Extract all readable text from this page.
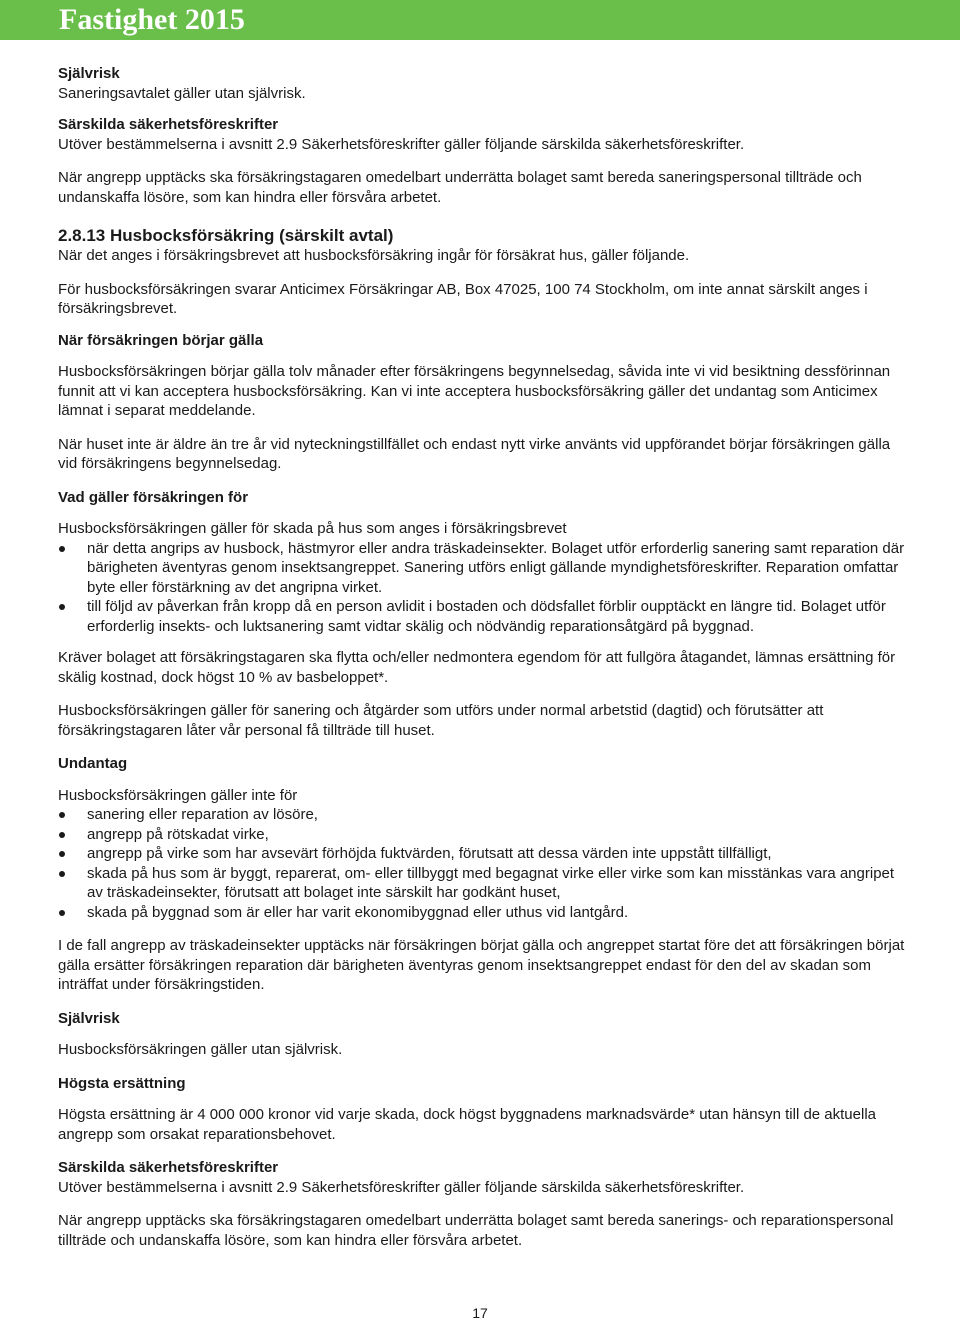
Fastighet 2015

Självrisk

Saneringsavtalet gäller utan självrisk.

Särskilda säkerhetsföreskrifter

Utöver bestämmelserna i avsnitt 2.9 Säkerhetsföreskrifter gäller följande särskilda säkerhetsföreskrifter.

När angrepp upptäcks ska försäkringstagaren omedelbart underrätta bolaget samt bereda saneringspersonal tillträde och undanskaffa lösöre, som kan hindra eller försvåra arbetet.

2.8.13 Husbocksförsäkring (särskilt avtal)

När det anges i försäkringsbrevet att husbocksförsäkring ingår för försäkrat hus, gäller följande.

För husbocksförsäkringen svarar Anticimex Försäkringar AB, Box 47025, 100 74 Stockholm, om inte annat särskilt anges i försäkringsbrevet.

När försäkringen börjar gälla

Husbocksförsäkringen börjar gälla tolv månader efter försäkringens begynnelsedag, såvida inte vi vid besiktning dessförinnan funnit att vi kan acceptera husbocksförsäkring. Kan vi inte acceptera husbocksförsäkring gäller det undantag som Anticimex lämnat i separat meddelande.

När huset inte är äldre än tre år vid nyteckningstillfället och endast nytt virke använts vid uppförandet börjar försäkringen gälla vid försäkringens begynnelsedag.

Vad gäller försäkringen för

Husbocksförsäkringen gäller för skada på hus som anges i försäkringsbrevet

när detta angrips av husbock, hästmyror eller andra träskadeinsekter. Bolaget utför erforderlig sanering samt reparation där bärigheten äventyras genom insektsangreppet. Sanering utförs enligt gällande myndighetsföreskrifter. Reparation omfattar byte eller förstärkning av det angripna virket.
till följd av påverkan från kropp då en person avlidit i bostaden och dödsfallet förblir oupptäckt en längre tid. Bolaget utför erforderlig insekts- och luktsanering samt vidtar skälig och nödvändig reparationsåtgärd på byggnad.

Kräver bolaget att försäkringstagaren ska flytta och/eller nedmontera egendom för att fullgöra åtagandet, lämnas ersättning för skälig kostnad, dock högst 10 % av basbeloppet*.

Husbocksförsäkringen gäller för sanering och åtgärder som utförs under normal arbetstid (dagtid) och förutsätter att försäkringstagaren låter vår personal få tillträde till huset.

Undantag

Husbocksförsäkringen gäller inte för

sanering eller reparation av lösöre,
angrepp på rötskadat virke,
angrepp på virke som har avsevärt förhöjda fuktvärden, förutsatt att dessa värden inte uppstått tillfälligt,
skada på hus som är byggt, reparerat, om- eller tillbyggt med begagnat virke eller virke som kan misstänkas vara angripet av träskadeinsekter, förutsatt att bolaget inte särskilt har godkänt huset,
skada på byggnad som är eller har varit ekonomibyggnad eller uthus vid lantgård.

I de fall angrepp av träskadeinsekter upptäcks när försäkringen börjat gälla och angreppet startat före det att försäkringen börjat gälla ersätter försäkringen reparation där bärigheten äventyras genom insektsangreppet endast för den del av skadan som inträffat under försäkringstiden.

Självrisk

Husbocksförsäkringen gäller utan självrisk.

Högsta ersättning

Högsta ersättning är 4 000 000 kronor vid varje skada, dock högst byggnadens marknadsvärde* utan hänsyn till de aktuella angrepp som orsakat reparationsbehovet.

Särskilda säkerhetsföreskrifter

Utöver bestämmelserna i avsnitt 2.9 Säkerhetsföreskrifter gäller följande särskilda säkerhetsföreskrifter.

När angrepp upptäcks ska försäkringstagaren omedelbart underrätta bolaget samt bereda sanerings- och reparationspersonal tillträde och undanskaffa lösöre, som kan hindra eller försvåra arbetet.

17
